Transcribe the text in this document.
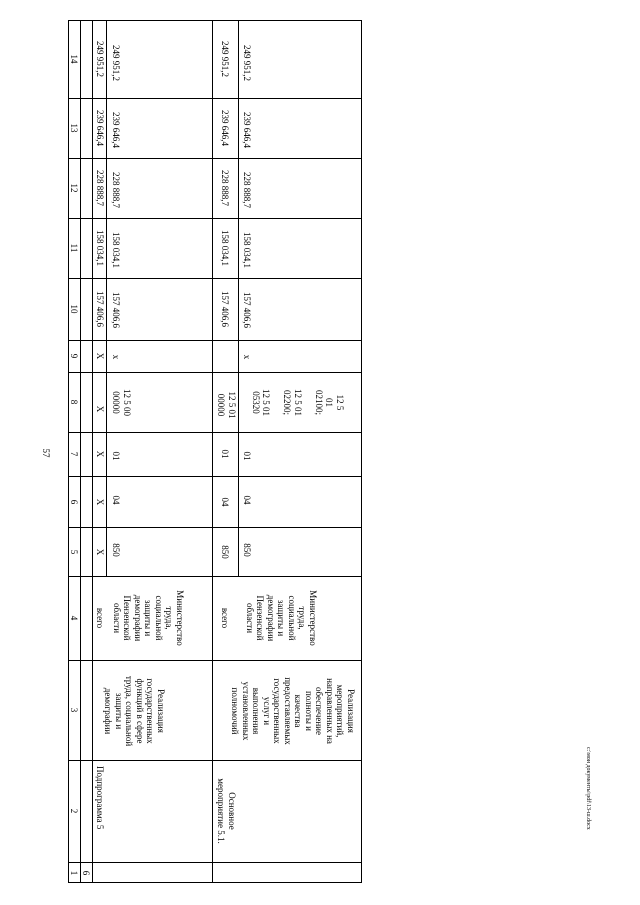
57
1
2
3
4
5
6
7
8
9
10
11
12
13
14
6
Подпрограмма 5
Реализация
государственных
функций в сфере
труда, социальной
защиты и
демографии
всего
X
X
X
X
X
157 406,6
158 034,1
228 888,7
239 646,4
249 951,2
Министерство
труда,
социальной
защиты и
демографии
Пензенской
области
850
04
01
12 5 00
00000
x
157 406,6
158 034,1
228 888,7
239 646,4
249 951,2
Основное
мероприятие 5.1.
Реализация
мероприятий,
направленных на
обеспечение
полноты и
качества
предоставляемых
государственных
услуг и
выполнения
установленных
полномочий
всего
850
04
01
12 5 01
00000
157 406,6
158 034,1
228 888,7
239 646,4
249 951,2
Министерство
труда,
социальной
защиты и
демографии
Пензенской
области
850
04
01
12 5
01
02100;

12 5 01
02200;

12 5 01
05320
x
157 406,6
158 034,1
228 888,7
239 646,4
249 951,2
c:\мои документы\pdf\13-ш.docx
